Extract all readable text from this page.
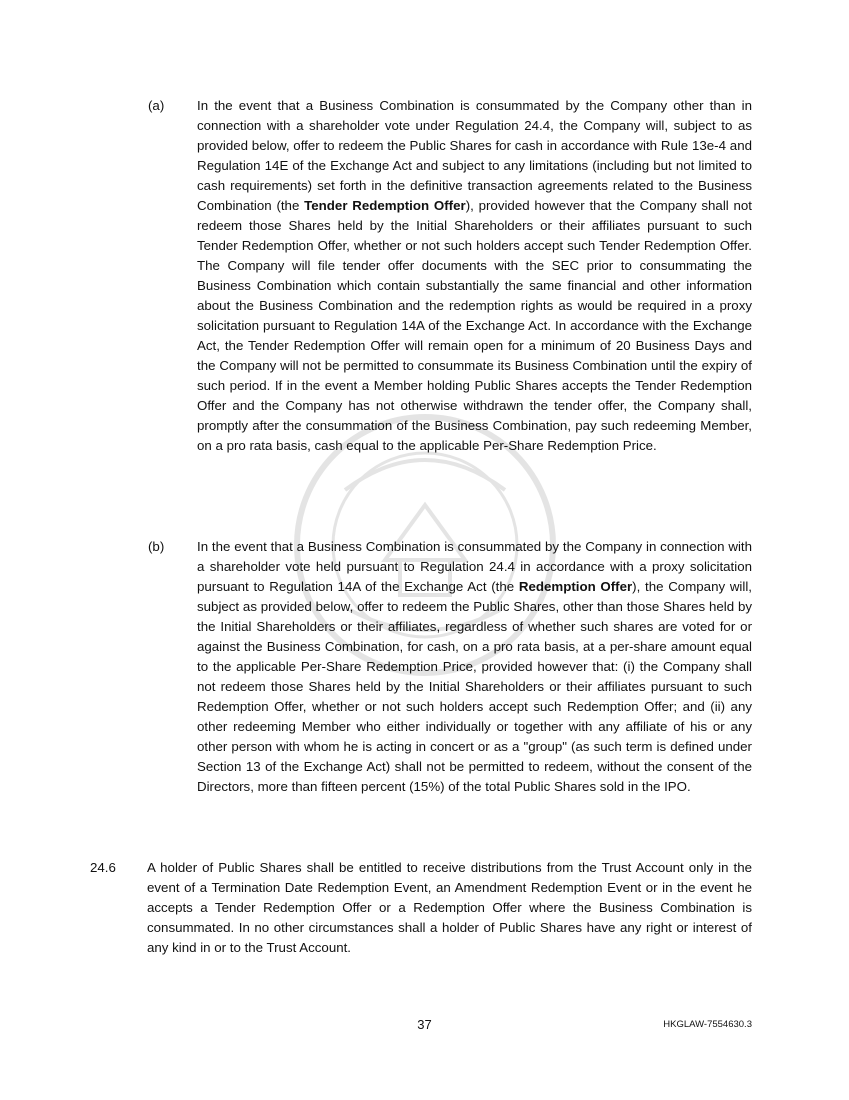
(a) In the event that a Business Combination is consummated by the Company other than in connection with a shareholder vote under Regulation 24.4, the Company will, subject to as provided below, offer to redeem the Public Shares for cash in accordance with Rule 13e-4 and Regulation 14E of the Exchange Act and subject to any limitations (including but not limited to cash requirements) set forth in the definitive transaction agreements related to the Business Combination (the Tender Redemption Offer), provided however that the Company shall not redeem those Shares held by the Initial Shareholders or their affiliates pursuant to such Tender Redemption Offer, whether or not such holders accept such Tender Redemption Offer. The Company will file tender offer documents with the SEC prior to consummating the Business Combination which contain substantially the same financial and other information about the Business Combination and the redemption rights as would be required in a proxy solicitation pursuant to Regulation 14A of the Exchange Act. In accordance with the Exchange Act, the Tender Redemption Offer will remain open for a minimum of 20 Business Days and the Company will not be permitted to consummate its Business Combination until the expiry of such period. If in the event a Member holding Public Shares accepts the Tender Redemption Offer and the Company has not otherwise withdrawn the tender offer, the Company shall, promptly after the consummation of the Business Combination, pay such redeeming Member, on a pro rata basis, cash equal to the applicable Per-Share Redemption Price.
(b) In the event that a Business Combination is consummated by the Company in connection with a shareholder vote held pursuant to Regulation 24.4 in accordance with a proxy solicitation pursuant to Regulation 14A of the Exchange Act (the Redemption Offer), the Company will, subject as provided below, offer to redeem the Public Shares, other than those Shares held by the Initial Shareholders or their affiliates, regardless of whether such shares are voted for or against the Business Combination, for cash, on a pro rata basis, at a per-share amount equal to the applicable Per-Share Redemption Price, provided however that: (i) the Company shall not redeem those Shares held by the Initial Shareholders or their affiliates pursuant to such Redemption Offer, whether or not such holders accept such Redemption Offer; and (ii) any other redeeming Member who either individually or together with any affiliate of his or any other person with whom he is acting in concert or as a "group" (as such term is defined under Section 13 of the Exchange Act) shall not be permitted to redeem, without the consent of the Directors, more than fifteen percent (15%) of the total Public Shares sold in the IPO.
24.6 A holder of Public Shares shall be entitled to receive distributions from the Trust Account only in the event of a Termination Date Redemption Event, an Amendment Redemption Event or in the event he accepts a Tender Redemption Offer or a Redemption Offer where the Business Combination is consummated. In no other circumstances shall a holder of Public Shares have any right or interest of any kind in or to the Trust Account.
37	HKGLAW-7554630.3
